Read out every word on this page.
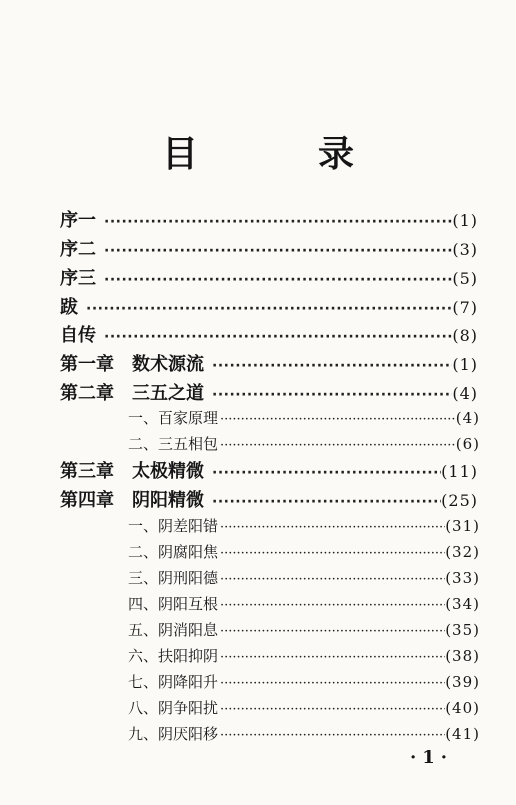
目　录
序一 ·····	(1)
序二 ·····	(3)
序三 ·····	(5)
跋 ·····	(7)
自传 ·····	(8)
第一章　数术源流 ·····	(1)
第二章　三五之道 ·····	(4)
一、百家原理 ·····	(4)
二、三五相包 ·····	(6)
第三章　太极精微 ·····	(11)
第四章　阴阳精微 ·····	(25)
一、阴差阳错 ·····	(31)
二、阴腐阳焦 ·····	(32)
三、阴刑阳德 ·····	(33)
四、阴阳互根 ·····	(34)
五、阴消阳息 ·····	(35)
六、扶阳抑阴 ·····	(38)
七、阴降阳升 ·····	(39)
八、阴争阳扰 ·····	(40)
九、阴厌阳移 ·····	(41)
·1·
